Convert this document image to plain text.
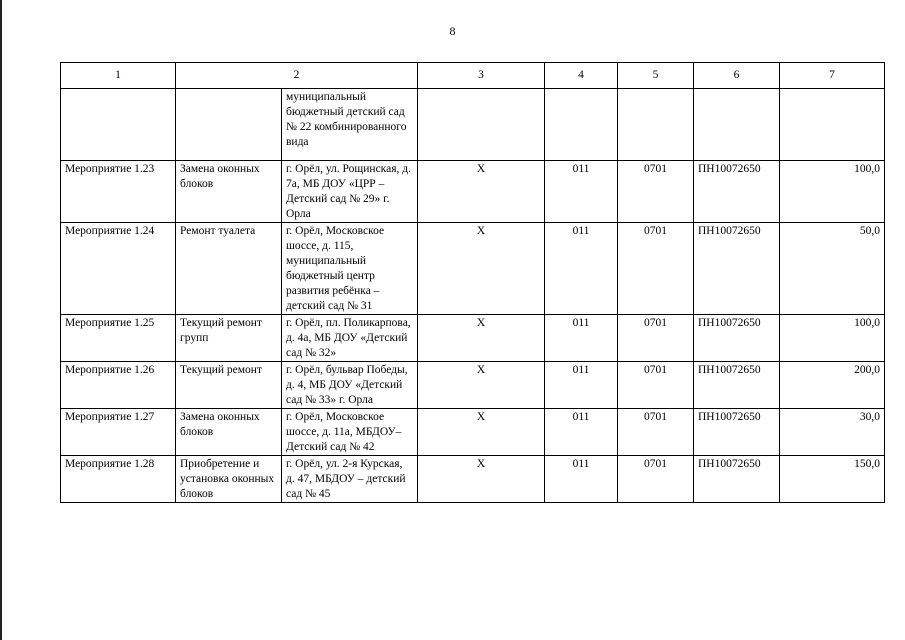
8
1	2		3	4	5	6	7
		муниципальный бюджетный детский сад № 22 комбинированного вида					
Мероприятие 1.23	Замена оконных блоков	г. Орёл, ул. Рощинская, д. 7а, МБ ДОУ «ЦРР – Детский сад № 29» г. Орла	Х	011	0701	ПН10072650	100,0
Мероприятие 1.24	Ремонт туалета	г. Орёл, Московское шоссе, д. 115, муниципальный бюджетный центр развития ребёнка – детский сад № 31	Х	011	0701	ПН10072650	50,0
Мероприятие 1.25	Текущий ремонт групп	г. Орёл, пл. Поликарпова, д. 4а, МБ ДОУ «Детский сад № 32»	Х	011	0701	ПН10072650	100,0
Мероприятие 1.26	Текущий ремонт	г. Орёл, бульвар Победы, д. 4, МБ ДОУ «Детский сад № 33» г. Орла	Х	011	0701	ПН10072650	200,0
Мероприятие 1.27	Замена оконных блоков	г. Орёл, Московское шоссе, д. 11а, МБДОУ– Детский сад № 42	Х	011	0701	ПН10072650	30,0
Мероприятие 1.28	Приобретение и установка оконных блоков	г. Орёл, ул. 2-я Курская, д. 47, МБДОУ – детский сад № 45	Х	011	0701	ПН10072650	150,0
